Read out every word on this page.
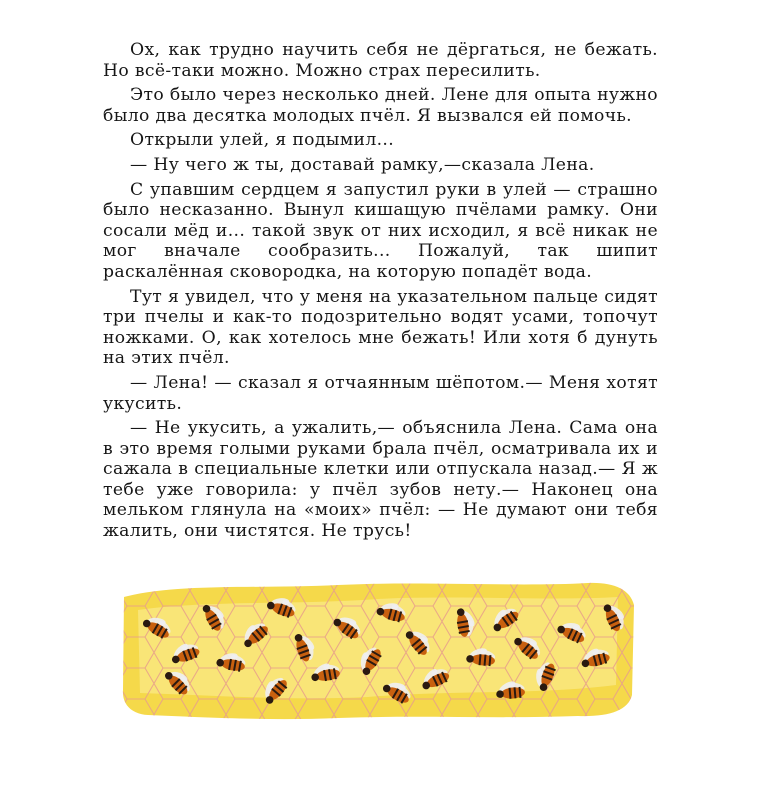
Ох, как трудно научить себя не дёргаться, не бежать. Но всё-таки можно. Можно страх пересилить.

Это было через несколько дней. Лене для опыта нужно было два десятка молодых пчёл. Я вызвался ей помочь.

Открыли улей, я подымил...

— Ну чего ж ты, доставай рамку,—сказала Лена.

С упавшим сердцем я запустил руки в улей — страшно было несказанно. Вынул кишащую пчёлами рамку. Они сосали мёд и... такой звук от них исходил, я всё никак не мог вначале сообразить... Пожалуй, так шипит раскалённая сковородка, на которую попадёт вода.

Тут я увидел, что у меня на указательном пальце сидят три пчелы и как-то подозрительно водят усами, топочут ножками. О, как хотелось мне бежать! Или хотя б дунуть на этих пчёл.

— Лена! — сказал я отчаянным шёпотом.— Меня хотят укусить.

— Не укусить, а ужалить,— объяснила Лена. Сама она в это время голыми руками брала пчёл, осматривала их и сажала в специальные клетки или отпускала назад.— Я ж тебе уже говорила: у пчёл зубов нету.— Наконец она мельком глянула на «моих» пчёл: — Не думают они тебя жалить, они чистятся. Не трусь!
